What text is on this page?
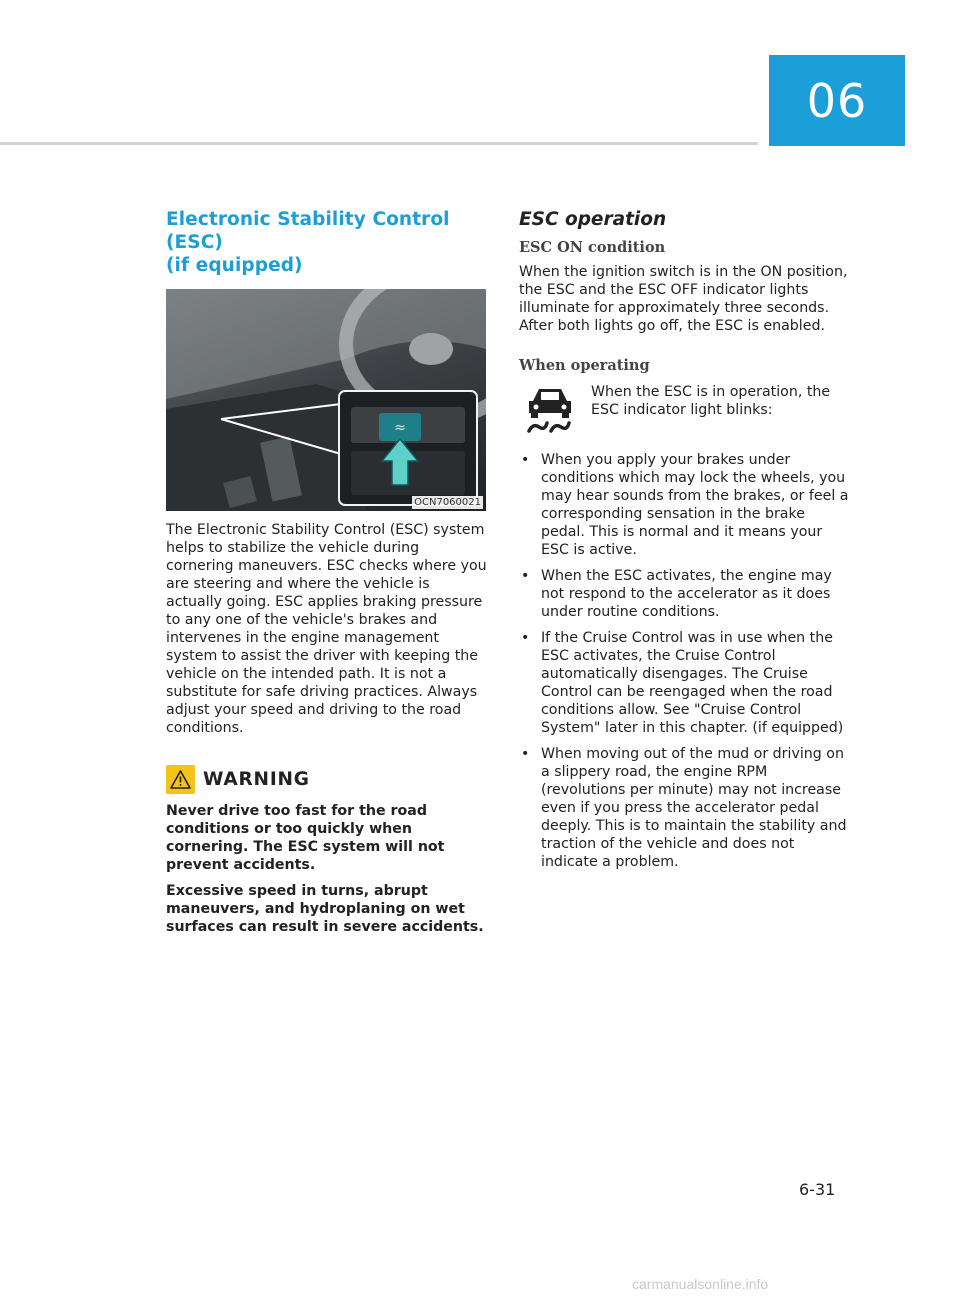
06
Electronic Stability Control (ESC)
(if equipped)
≈
OCN7060021

The Electronic Stability Control (ESC) system helps to stabilize the vehicle during cornering maneuvers. ESC checks where you are steering and where the vehicle is actually going. ESC applies braking pressure to any one of the vehicle's brakes and intervenes in the engine management system to assist the driver with keeping the vehicle on the intended path. It is not a substitute for safe driving practices. Always adjust your speed and driving to the road conditions.

WARNING

Never drive too fast for the road conditions or too quickly when cornering. The ESC system will not prevent accidents.

Excessive speed in turns, abrupt maneuvers, and hydroplaning on wet surfaces can result in severe accidents.

ESC operation
ESC ON condition

When the ignition switch is in the ON position, the ESC and the ESC OFF indicator lights illuminate for approximately three seconds. After both lights go off, the ESC is enabled.

When operating
When the ESC is in operation, the ESC indicator light blinks:
• When you apply your brakes under conditions which may lock the wheels, you may hear sounds from the brakes, or feel a corresponding sensation in the brake pedal. This is normal and it means your ESC is active.
• When the ESC activates, the engine may not respond to the accelerator as it does under routine conditions.
• If the Cruise Control was in use when the ESC activates, the Cruise Control automatically disengages. The Cruise Control can be reengaged when the road conditions allow. See "Cruise Control System" later in this chapter. (if equipped)
• When moving out of the mud or driving on a slippery road, the engine RPM (revolutions per minute) may not increase even if you press the accelerator pedal deeply. This is to maintain the stability and traction of the vehicle and does not indicate a problem.
6-31
carmanualsonline.info
